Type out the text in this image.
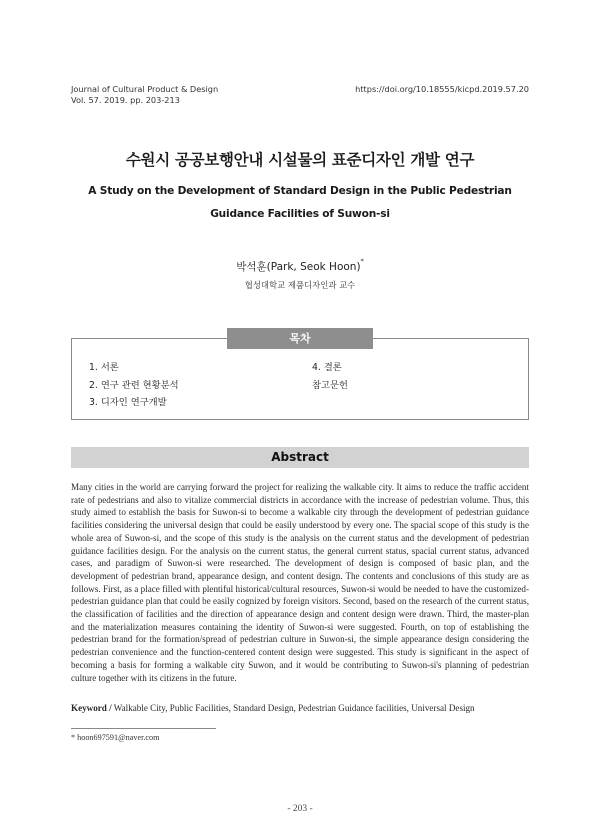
Journal of Cultural Product & Design
Vol. 57. 2019. pp. 203-213
https://doi.org/10.18555/kicpd.2019.57.20
수원시 공공보행안내 시설물의 표준디자인 개발 연구
A Study on the Development of Standard Design in the Public Pedestrian Guidance Facilities of Suwon-si
박석훈(Park, Seok Hoon)*
협성대학교 제품디자인과 교수
목차
1. 서론
2. 연구 관련 현황분석
3. 디자인 연구개발
4. 결론
참고문헌
Abstract
Many cities in the world are carrying forward the project for realizing the walkable city. It aims to reduce the traffic accident rate of pedestrians and also to vitalize commercial districts in accordance with the increase of pedestrian volume. Thus, this study aimed to establish the basis for Suwon-si to become a walkable city through the development of pedestrian guidance facilities considering the universal design that could be easily understood by every one. The spacial scope of this study is the whole area of Suwon-si, and the scope of this study is the analysis on the current status and the development of pedestrian guidance facilities design. For the analysis on the current status, the general current status, spacial current status, advanced cases, and paradigm of Suwon-si were researched. The development of design is composed of basic plan, and the development of pedestrian brand, appearance design, and content design. The contents and conclusions of this study are as follows. First, as a place filled with plentiful historical/cultural resources, Suwon-si would be needed to have the customized-pedestrian guidance plan that could be easily cognized by foreign visitors. Second, based on the research of the current status, the classification of facilities and the direction of appearance design and content design were drawn. Third, the master-plan and the materialization measures containing the identity of Suwon-si were suggested. Fourth, on top of establishing the pedestrian brand for the formation/spread of pedestrian culture in Suwon-si, the simple appearance design considering the pedestrian convenience and the function-centered content design were suggested. This study is significant in the aspect of becoming a basis for forming a walkable city Suwon, and it would be contributing to Suwon-si's planning of pedestrian culture together with its citizens in the future.
Keyword / Walkable City, Public Facilities, Standard Design, Pedestrian Guidance facilities, Universal Design
* hoon697591@naver.com
- 203 -
